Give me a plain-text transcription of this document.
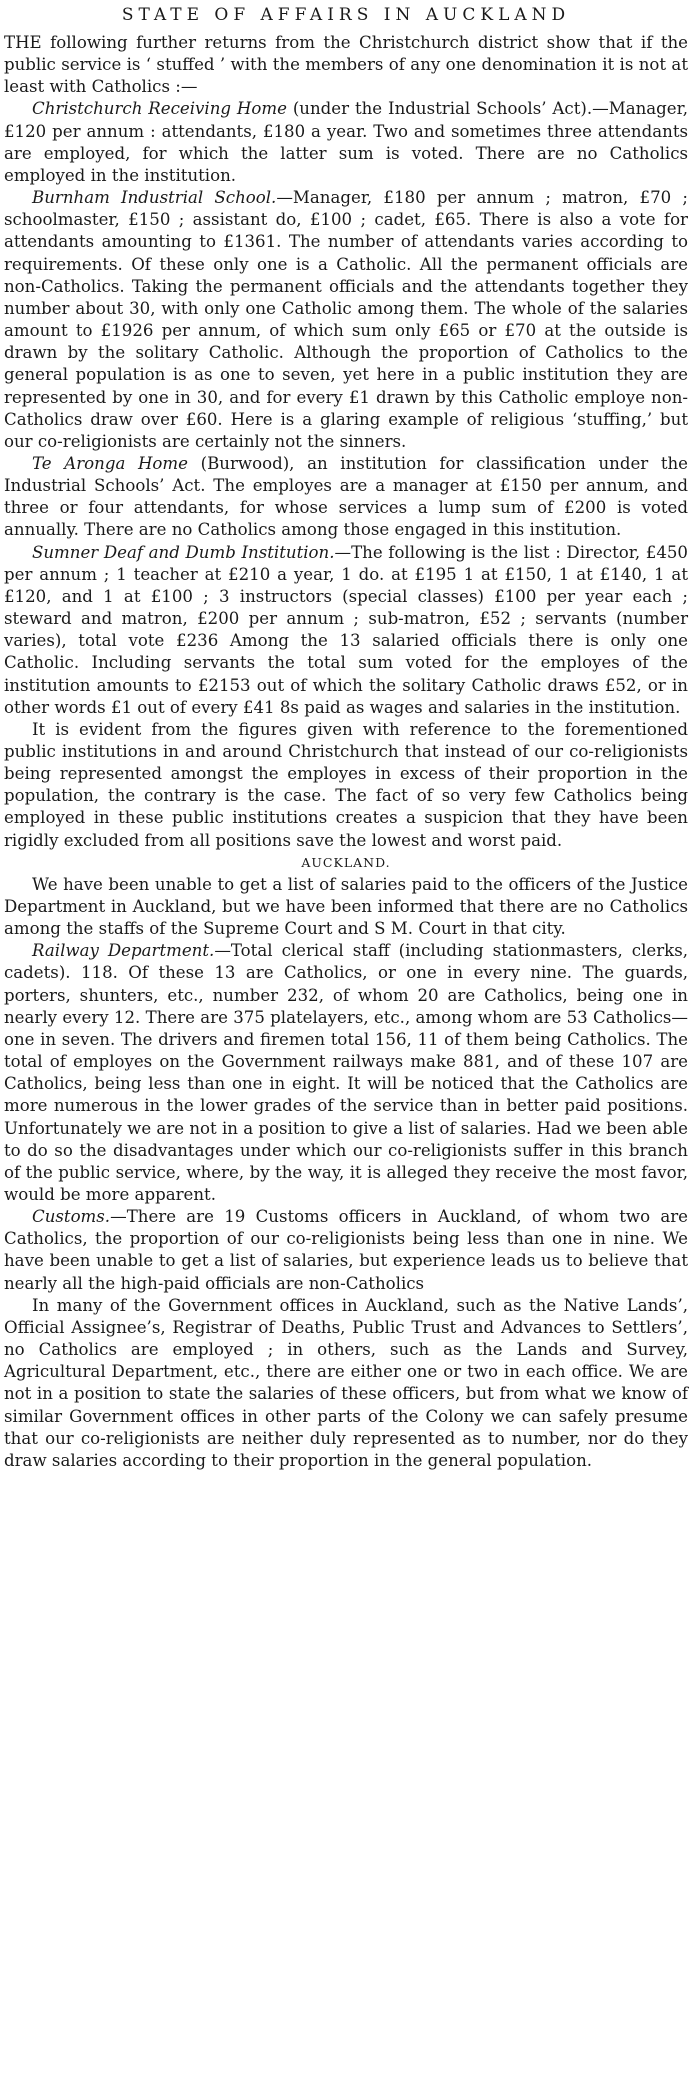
STATE OF AFFAIRS IN AUCKLAND

THE following further returns from the Christchurch district show that if the public service is ‘ stuffed ’ with the members of any one denomination it is not at least with Catholics :—

Christchurch Receiving Home (under the Industrial Schools’ Act).—Manager, £120 per annum : attendants, £180 a year. Two and sometimes three attendants are employed, for which the latter sum is voted. There are no Catholics employed in the institution.

Burnham Industrial School.—Manager, £180 per annum ; matron, £70 ; schoolmaster, £150 ; assistant do, £100 ; cadet, £65. There is also a vote for attendants amounting to £1361. The number of attendants varies according to requirements. Of these only one is a Catholic. All the permanent officials are non-Catholics. Taking the permanent officials and the attendants together they number about 30, with only one Catholic among them. The whole of the salaries amount to £1926 per annum, of which sum only £65 or £70 at the outside is drawn by the solitary Catholic. Although the proportion of Catholics to the general population is as one to seven, yet here in a public institution they are represented by one in 30, and for every £1 drawn by this Catholic employe non-Catholics draw over £60. Here is a glaring example of religious ‘stuffing,’ but our co-religionists are certainly not the sinners.

Te Aronga Home (Burwood), an institution for classification under the Industrial Schools’ Act. The employes are a manager at £150 per annum, and three or four attendants, for whose services a lump sum of £200 is voted annually. There are no Catholics among those engaged in this institution.

Sumner Deaf and Dumb Institution.—The following is the list : Director, £450 per annum ; 1 teacher at £210 a year, 1 do. at £195 1 at £150, 1 at £140, 1 at £120, and 1 at £100 ; 3 instructors (special classes) £100 per year each ; steward and matron, £200 per annum ; sub-matron, £52 ; servants (number varies), total vote £236 Among the 13 salaried officials there is only one Catholic. Including servants the total sum voted for the employes of the institution amounts to £2153 out of which the solitary Catholic draws £52, or in other words £1 out of every £41 8s paid as wages and salaries in the institution.

It is evident from the figures given with reference to the forementioned public institutions in and around Christchurch that instead of our co-religionists being represented amongst the employes in excess of their proportion in the population, the contrary is the case. The fact of so very few Catholics being employed in these public institutions creates a suspicion that they have been rigidly excluded from all positions save the lowest and worst paid.

AUCKLAND.

We have been unable to get a list of salaries paid to the officers of the Justice Department in Auckland, but we have been informed that there are no Catholics among the staffs of the Supreme Court and S M. Court in that city.

Railway Department.—Total clerical staff (including stationmasters, clerks, cadets). 118. Of these 13 are Catholics, or one in every nine. The guards, porters, shunters, etc., number 232, of whom 20 are Catholics, being one in nearly every 12. There are 375 platelayers, etc., among whom are 53 Catholics—one in seven. The drivers and firemen total 156, 11 of them being Catholics. The total of employes on the Government railways make 881, and of these 107 are Catholics, being less than one in eight. It will be noticed that the Catholics are more numerous in the lower grades of the service than in better paid positions. Unfortunately we are not in a position to give a list of salaries. Had we been able to do so the disadvantages under which our co-religionists suffer in this branch of the public service, where, by the way, it is alleged they receive the most favor, would be more apparent.

Customs.—There are 19 Customs officers in Auckland, of whom two are Catholics, the proportion of our co-religionists being less than one in nine. We have been unable to get a list of salaries, but experience leads us to believe that nearly all the high-paid officials are non-Catholics

In many of the Government offices in Auckland, such as the Native Lands’, Official Assignee’s, Registrar of Deaths, Public Trust and Advances to Settlers’, no Catholics are employed ; in others, such as the Lands and Survey, Agricultural Department, etc., there are either one or two in each office. We are not in a position to state the salaries of these officers, but from what we know of similar Government offices in other parts of the Colony we can safely presume that our co-religionists are neither duly represented as to number, nor do they draw salaries according to their proportion in the general population.
